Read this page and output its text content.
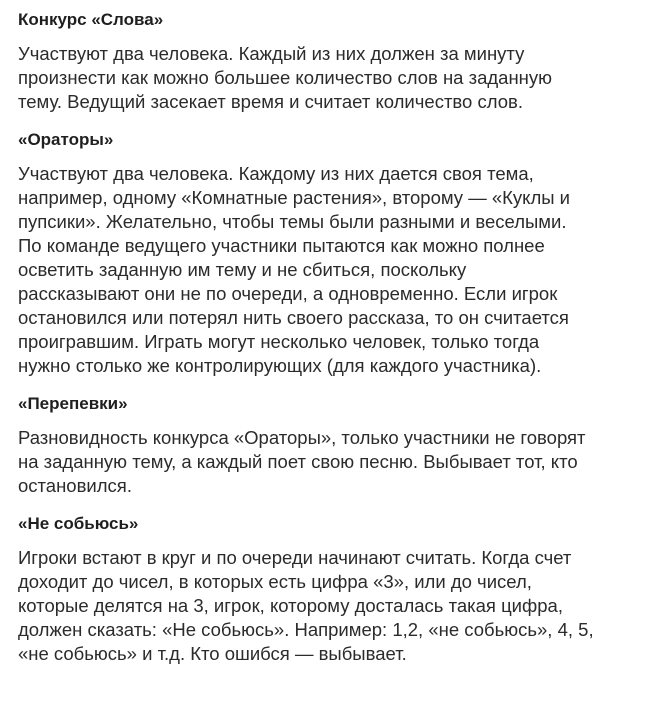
Конкурс «Слова»

Участвуют два человека. Каждый из них должен за минуту
произнести как можно большее количество слов на заданную
тему. Ведущий засекает время и считает количество слов.

«Ораторы»

Участвуют два человека. Каждому из них дается своя тема,
например, одному «Комнатные растения», второму — «Куклы и
пупсики». Желательно, чтобы темы были разными и веселыми.
По команде ведущего участники пытаются как можно полнее
осветить заданную им тему и не сбиться, поскольку
рассказывают они не по очереди, а одновременно. Если игрок
остановился или потерял нить своего рассказа, то он считается
проигравшим. Играть могут несколько человек, только тогда
нужно столько же контролирующих (для каждого участника).

«Перепевки»

Разновидность конкурса «Ораторы», только участники не говорят
на заданную тему, а каждый поет свою песню. Выбывает тот, кто
остановился.

«Не собьюсь»

Игроки встают в круг и по очереди начинают считать. Когда счет
доходит до чисел, в которых есть цифра «3», или до чисел,
которые делятся на 3, игрок, которому досталась такая цифра,
должен сказать: «Не собьюсь». Например: 1,2, «не собьюсь», 4, 5,
«не собьюсь» и т.д. Кто ошибся — выбывает.
